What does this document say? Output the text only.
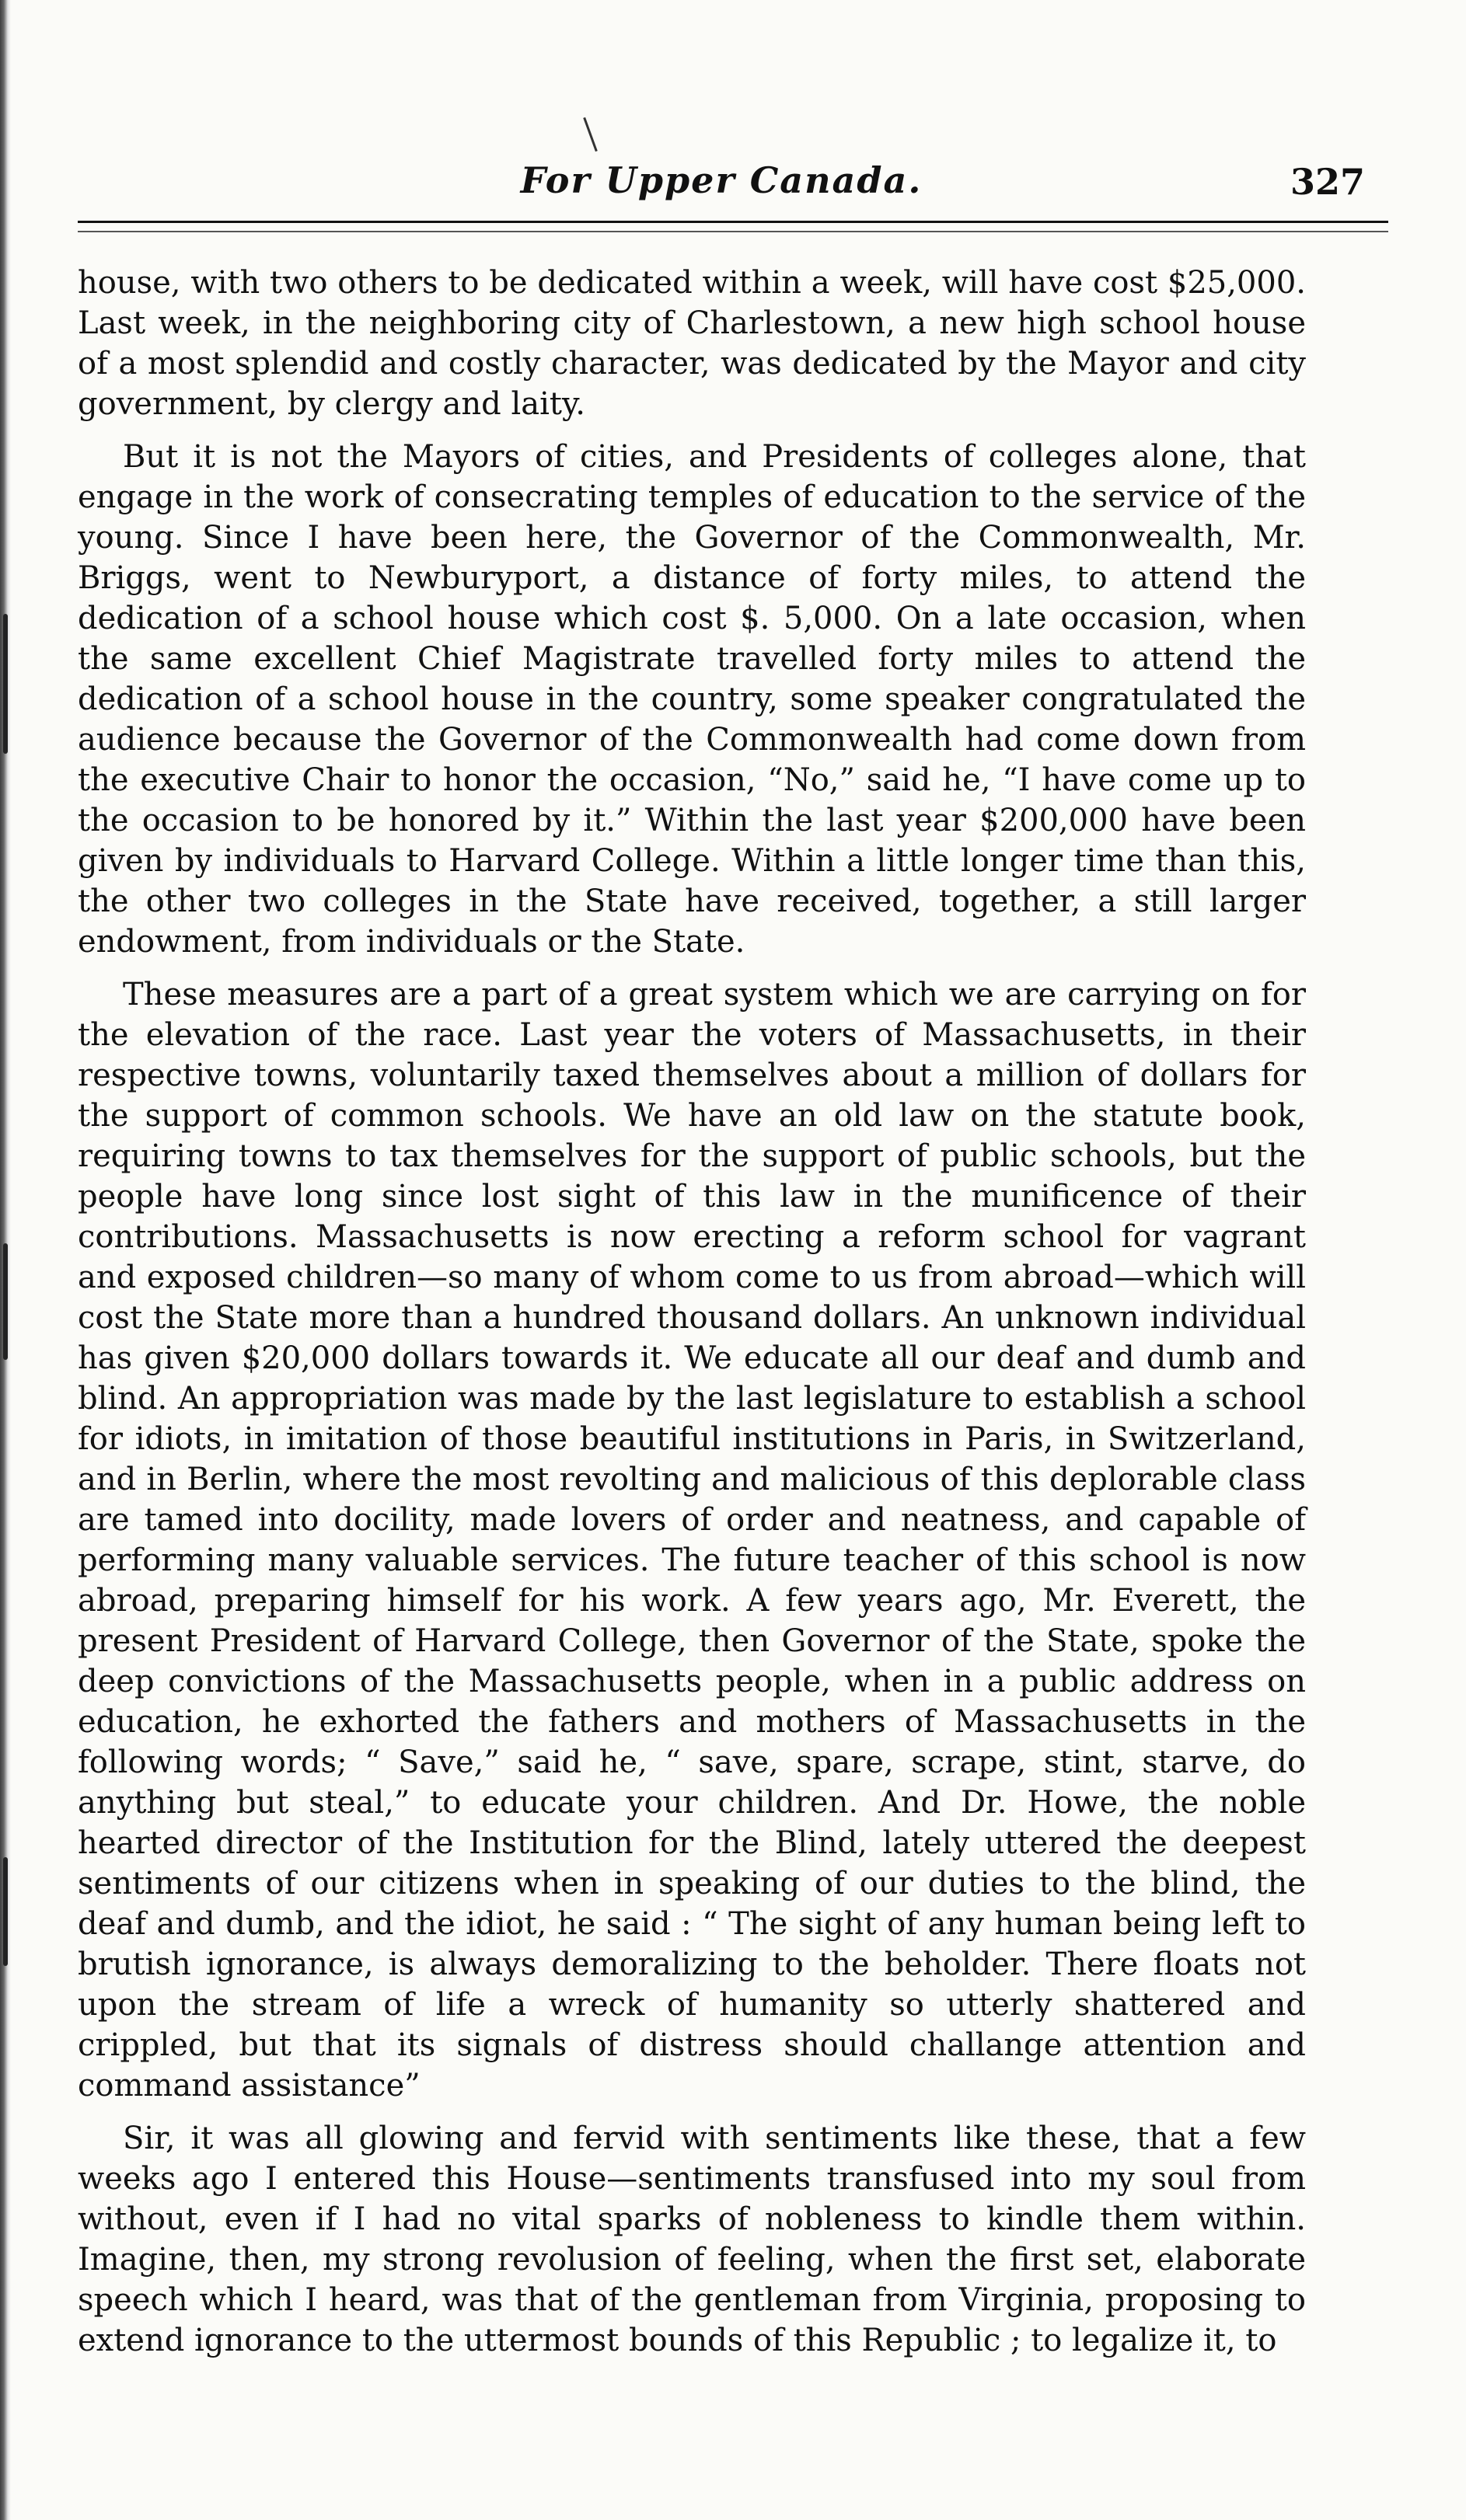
For Upper Canada.	327

house, with two others to be dedicated within a week, will have cost $25,000. Last week, in the neighboring city of Charlestown, a new high school house of a most splendid and costly character, was dedicated by the Mayor and city government, by clergy and laity.

But it is not the Mayors of cities, and Presidents of colleges alone, that engage in the work of consecrating temples of education to the service of the young. Since I have been here, the Governor of the Commonwealth, Mr. Briggs, went to Newburyport, a distance of forty miles, to attend the dedication of a school house which cost $. 5,000. On a late occasion, when the same excellent Chief Magistrate travelled forty miles to attend the dedication of a school house in the country, some speaker congratulated the audience because the Governor of the Commonwealth had come down from the executive Chair to honor the occasion, “No,” said he, “I have come up to the occasion to be honored by it.” Within the last year $200,000 have been given by individuals to Harvard College. Within a little longer time than this, the other two colleges in the State have received, together, a still larger endowment, from individuals or the State.

These measures are a part of a great system which we are carrying on for the elevation of the race. Last year the voters of Massachusetts, in their respective towns, voluntarily taxed themselves about a million of dollars for the support of common schools. We have an old law on the statute book, requiring towns to tax themselves for the support of public schools, but the people have long since lost sight of this law in the munificence of their contributions. Massachusetts is now erecting a reform school for vagrant and exposed children—so many of whom come to us from abroad—which will cost the State more than a hundred thousand dollars. An unknown individual has given $20,000 dollars towards it. We educate all our deaf and dumb and blind. An appropriation was made by the last legislature to establish a school for idiots, in imitation of those beautiful institutions in Paris, in Switzerland, and in Berlin, where the most revolting and malicious of this deplorable class are tamed into docility, made lovers of order and neatness, and capable of performing many valuable services. The future teacher of this school is now abroad, preparing himself for his work. A few years ago, Mr. Everett, the present President of Harvard College, then Governor of the State, spoke the deep convictions of the Massachusetts people, when in a public address on education, he exhorted the fathers and mothers of Massachusetts in the following words; “ Save,” said he, “ save, spare, scrape, stint, starve, do anything but steal,” to educate your children. And Dr. Howe, the noble hearted director of the Institution for the Blind, lately uttered the deepest sentiments of our citizens when in speaking of our duties to the blind, the deaf and dumb, and the idiot, he said : “ The sight of any human being left to brutish ignorance, is always demoralizing to the beholder. There floats not upon the stream of life a wreck of humanity so utterly shattered and crippled, but that its signals of distress should challange attention and command assistance”

Sir, it was all glowing and fervid with sentiments like these, that a few weeks ago I entered this House—sentiments transfused into my soul from without, even if I had no vital sparks of nobleness to kindle them within. Imagine, then, my strong revolusion of feeling, when the first set, elaborate speech which I heard, was that of the gentleman from Virginia, proposing to extend ignorance to the uttermost bounds of this Republic ; to legalize it, to
